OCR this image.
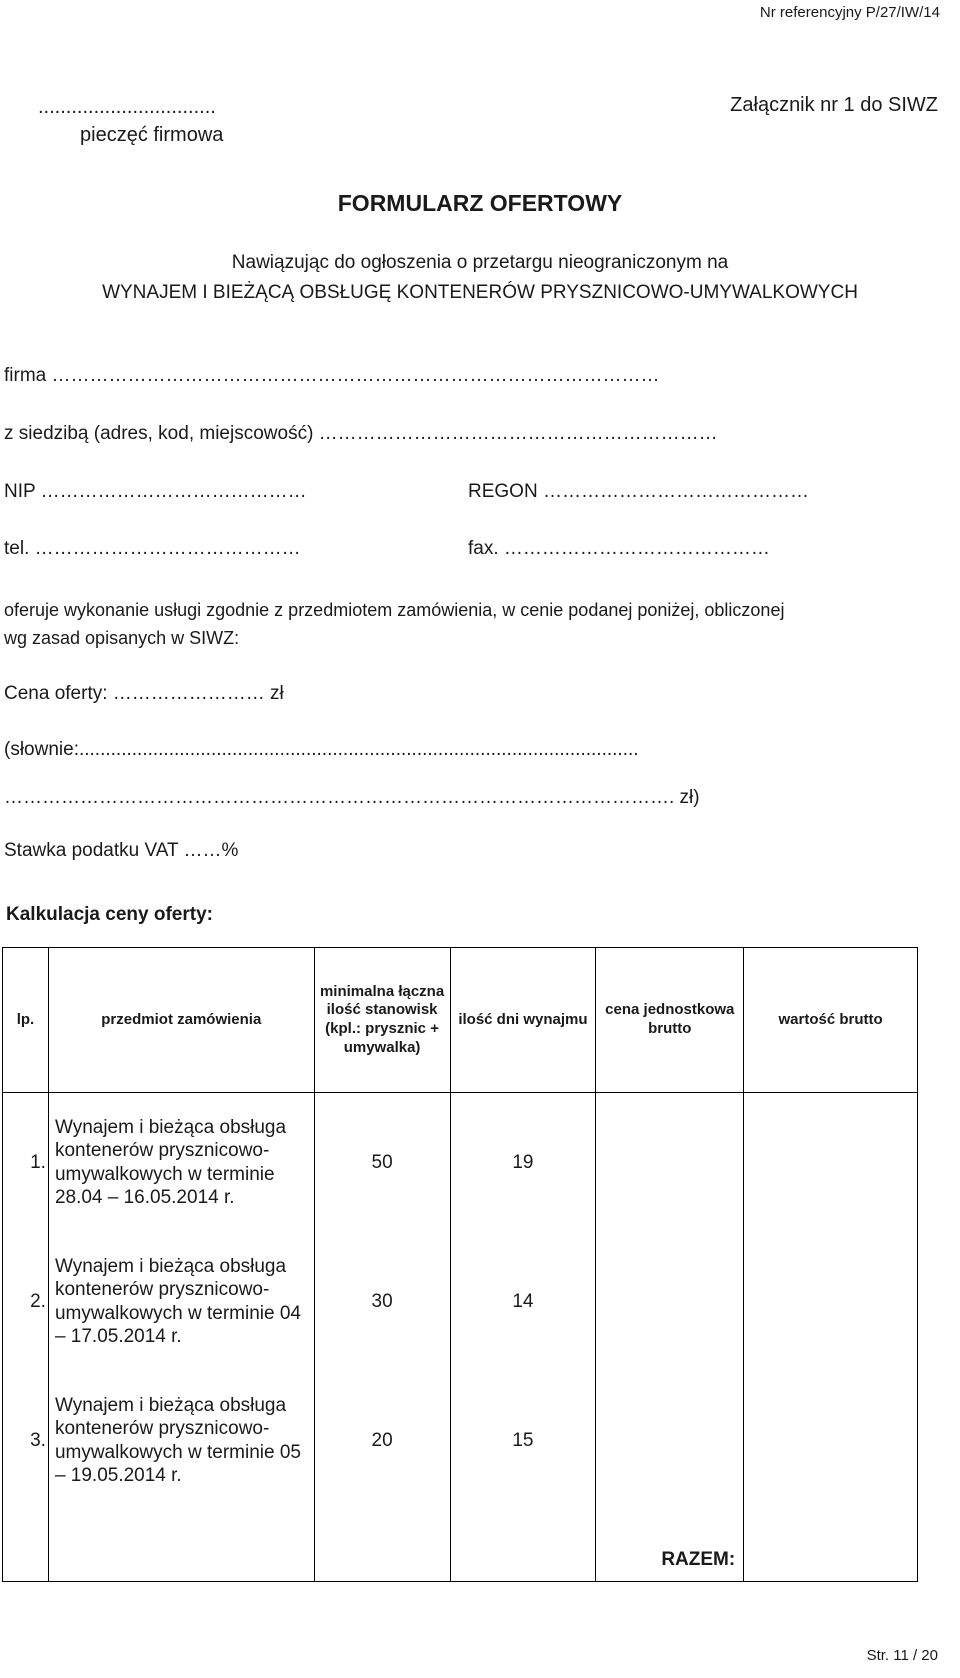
Nr referencyjny P/27/IW/14
................................
pieczęć firmowa
Załącznik nr 1 do SIWZ
FORMULARZ OFERTOWY
Nawiązując do ogłoszenia o przetargu nieograniczonym na
WYNAJEM I BIEŻĄCĄ OBSŁUGĘ KONTENERÓW PRYSZNICOWO-UMYWALKOWYCH
firma ……………………………………………………………………………………
z siedzibą (adres, kod, miejscowość) ………………………………………………………
NIP ……………………………………	REGON ……………………………………
tel. ……………………………………	fax. ……………………………………
oferuje wykonanie usługi zgodnie z przedmiotem zamówienia, w cenie podanej poniżej, obliczonej
wg zasad opisanych w SIWZ:
Cena oferty: …………………… zł
(słownie:..........................................................................................................
……………………………………………………………………………………………. zł)
Stawka podatku VAT ……%
Kalkulacja ceny oferty:
lp.	przedmiot zamówienia	minimalna łączna ilość stanowisk (kpl.: prysznic + umywalka)	ilość dni wynajmu	cena jednostkowa brutto	wartość brutto
1.	Wynajem i bieżąca obsługa kontenerów prysznicowo-umywalkowych w terminie 28.04 – 16.05.2014 r.	50	19		
2.	Wynajem i bieżąca obsługa kontenerów prysznicowo-umywalkowych w terminie 04 – 17.05.2014 r.	30	14		
3.	Wynajem i bieżąca obsługa kontenerów prysznicowo-umywalkowych w terminie 05 – 19.05.2014 r.	20	15		
				RAZEM:	
Str. 11 / 20
